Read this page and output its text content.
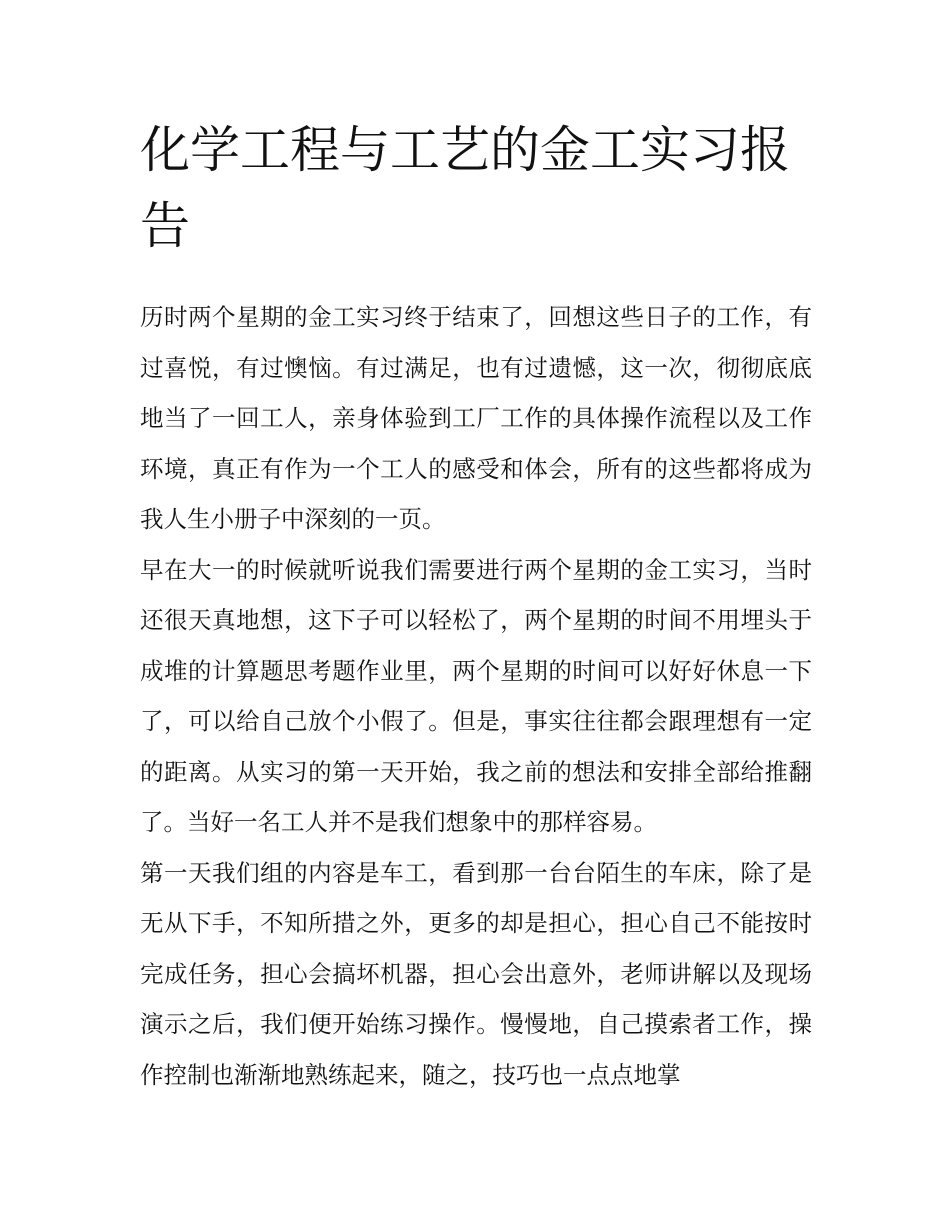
化学工程与工艺的金工实习报告

历时两个星期的金工实习终于结束了，回想这些日子的工作，有过喜悦，有过懊恼。有过满足，也有过遗憾，这一次，彻彻底底地当了一回工人，亲身体验到工厂工作的具体操作流程以及工作环境，真正有作为一个工人的感受和体会，所有的这些都将成为我人生小册子中深刻的一页。

早在大一的时候就听说我们需要进行两个星期的金工实习，当时还很天真地想，这下子可以轻松了，两个星期的时间不用埋头于成堆的计算题思考题作业里，两个星期的时间可以好好休息一下了，可以给自己放个小假了。但是，事实往往都会跟理想有一定的距离。从实习的第一天开始，我之前的想法和安排全部给推翻了。当好一名工人并不是我们想象中的那样容易。

第一天我们组的内容是车工，看到那一台台陌生的车床，除了是无从下手，不知所措之外，更多的却是担心，担心自己不能按时完成任务，担心会搞坏机器，担心会出意外，老师讲解以及现场演示之后，我们便开始练习操作。慢慢地，自己摸索者工作，操作控制也渐渐地熟练起来，随之，技巧也一点点地掌
